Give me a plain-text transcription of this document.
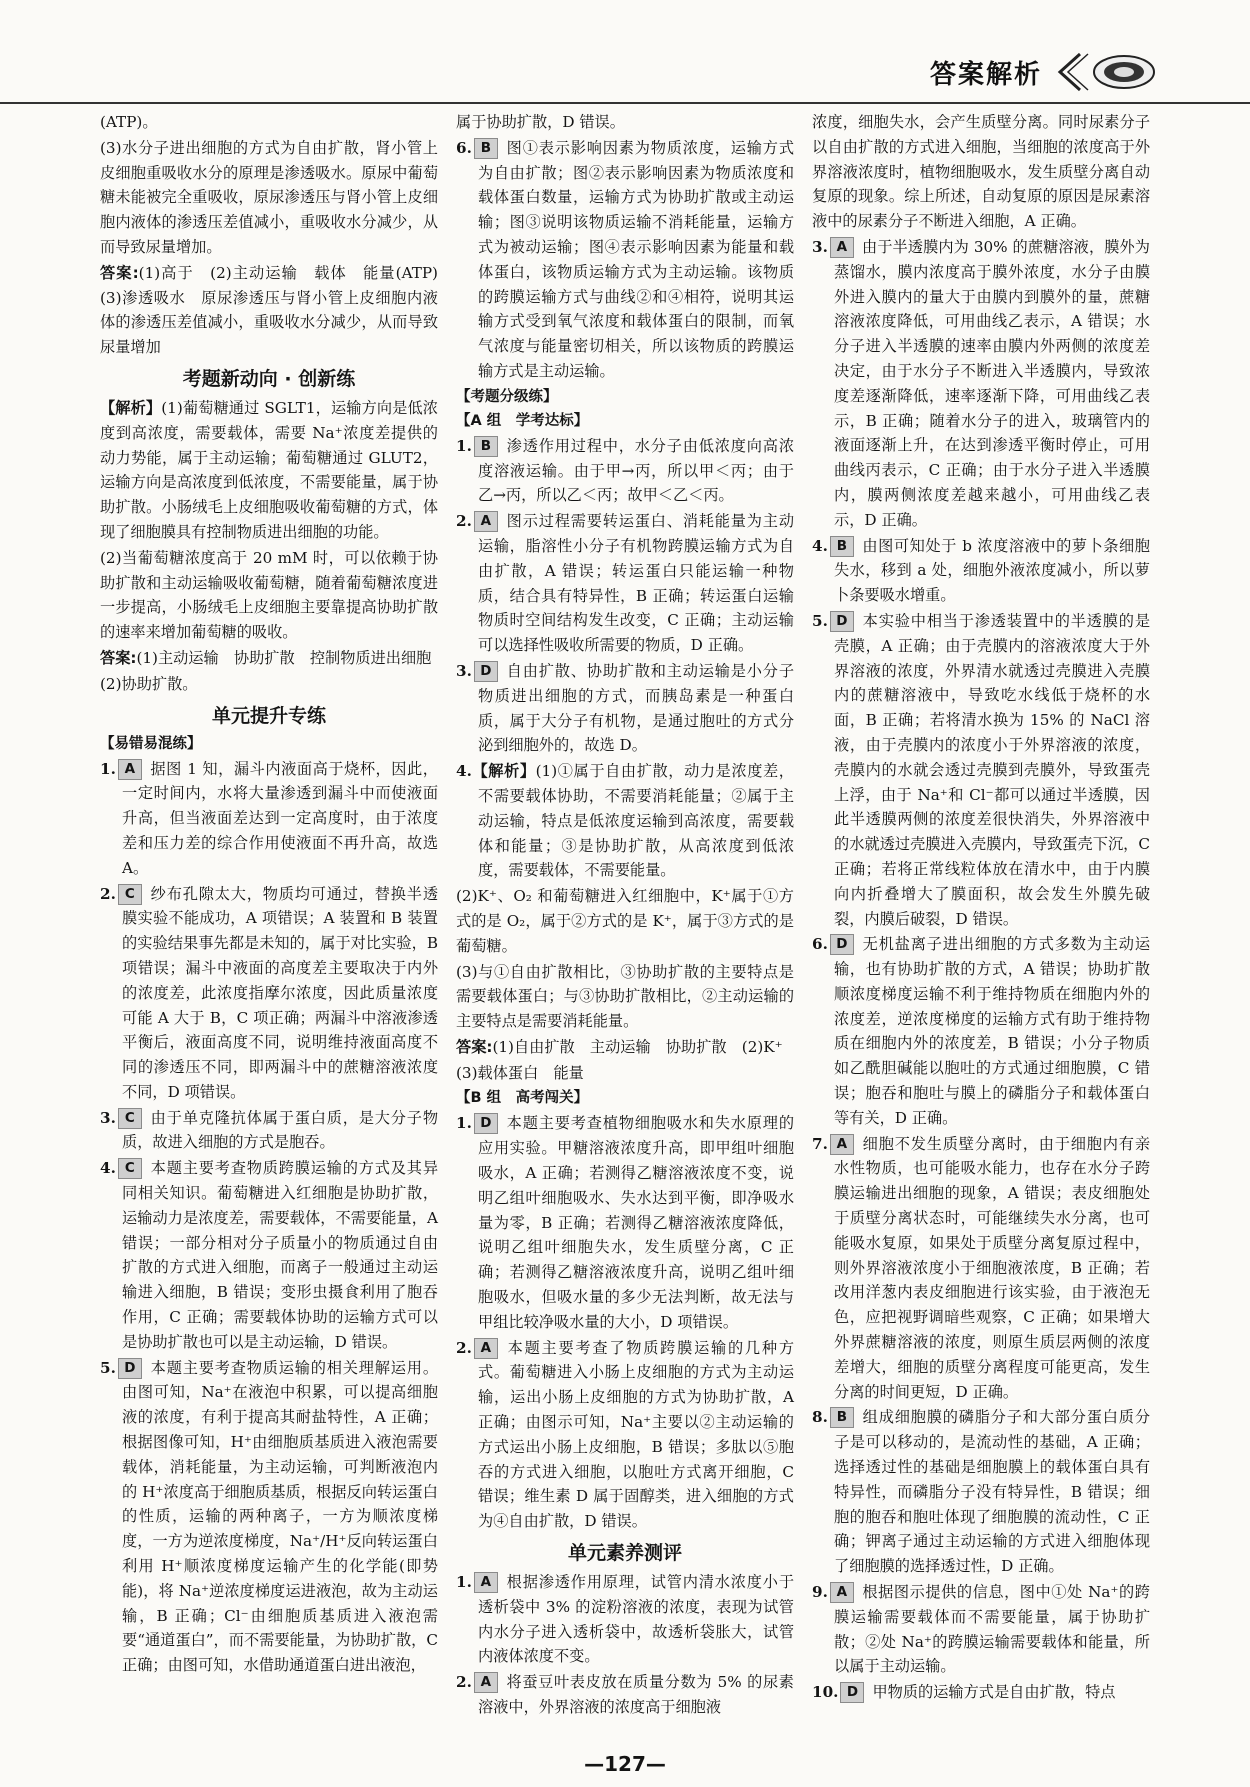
答案解析

(ATP)。

(3)水分子进出细胞的方式为自由扩散，肾小管上皮细胞重吸收水分的原理是渗透吸水。原尿中葡萄糖未能被完全重吸收，原尿渗透压与肾小管上皮细胞内液体的渗透压差值减小，重吸收水分减少，从而导致尿量增加。

答案:(1)高于　(2)主动运输　载体　能量(ATP)　(3)渗透吸水　原尿渗透压与肾小管上皮细胞内液体的渗透压差值减小，重吸收水分减少，从而导致尿量增加

考题新动向 · 创新练

【解析】(1)葡萄糖通过 SGLT1，运输方向是低浓度到高浓度，需要载体，需要 Na⁺浓度差提供的动力势能，属于主动运输；葡萄糖通过 GLUT2，运输方向是高浓度到低浓度，不需要能量，属于协助扩散。小肠绒毛上皮细胞吸收葡萄糖的方式，体现了细胞膜具有控制物质进出细胞的功能。

(2)当葡萄糖浓度高于 20 mM 时，可以依赖于协助扩散和主动运输吸收葡萄糖，随着葡萄糖浓度进一步提高，小肠绒毛上皮细胞主要靠提高协助扩散的速率来增加葡萄糖的吸收。

答案:(1)主动运输　协助扩散　控制物质进出细胞

(2)协助扩散。

单元提升专练
【易错易混练】

1. A 据图 1 知，漏斗内液面高于烧杯，因此，一定时间内，水将大量渗透到漏斗中而使液面升高，但当液面差达到一定高度时，由于浓度差和压力差的综合作用使液面不再升高，故选 A。

2. C 纱布孔隙太大，物质均可通过，替换半透膜实验不能成功，A 项错误；A 装置和 B 装置的实验结果事先都是未知的，属于对比实验，B 项错误；漏斗中液面的高度差主要取决于内外的浓度差，此浓度指摩尔浓度，因此质量浓度可能 A 大于 B，C 项正确；两漏斗中溶液渗透平衡后，液面高度不同，说明维持液面高度不同的渗透压不同，即两漏斗中的蔗糖溶液浓度不同，D 项错误。

3. C 由于单克隆抗体属于蛋白质，是大分子物质，故进入细胞的方式是胞吞。

4. C 本题主要考查物质跨膜运输的方式及其异同相关知识。葡萄糖进入红细胞是协助扩散，运输动力是浓度差，需要载体，不需要能量，A 错误；一部分相对分子质量小的物质通过自由扩散的方式进入细胞，而离子一般通过主动运输进入细胞，B 错误；变形虫摄食利用了胞吞作用，C 正确；需要载体协助的运输方式可以是协助扩散也可以是主动运输，D 错误。

5. D 本题主要考查物质运输的相关理解运用。由图可知，Na⁺在液泡中积累，可以提高细胞液的浓度，有利于提高其耐盐特性，A 正确；根据图像可知，H⁺由细胞质基质进入液泡需要载体，消耗能量，为主动运输，可判断液泡内的 H⁺浓度高于细胞质基质，根据反向转运蛋白的性质，运输的两种离子，一方为顺浓度梯度，一方为逆浓度梯度，Na⁺/H⁺反向转运蛋白利用 H⁺顺浓度梯度运输产生的化学能(即势能)，将 Na⁺逆浓度梯度运进液泡，故为主动运输，B 正确；Cl⁻由细胞质基质进入液泡需要“通道蛋白”，而不需要能量，为协助扩散，C 正确；由图可知，水借助通道蛋白进出液泡，

属于协助扩散，D 错误。

6. B 图①表示影响因素为物质浓度，运输方式为自由扩散；图②表示影响因素为物质浓度和载体蛋白数量，运输方式为协助扩散或主动运输；图③说明该物质运输不消耗能量，运输方式为被动运输；图④表示影响因素为能量和载体蛋白，该物质运输方式为主动运输。该物质的跨膜运输方式与曲线②和④相符，说明其运输方式受到氧气浓度和载体蛋白的限制，而氧气浓度与能量密切相关，所以该物质的跨膜运输方式是主动运输。

【考题分级练】
【A 组　学考达标】

1. B 渗透作用过程中，水分子由低浓度向高浓度溶液运输。由于甲→丙，所以甲＜丙；由于乙→丙，所以乙＜丙；故甲＜乙＜丙。

2. A 图示过程需要转运蛋白、消耗能量为主动运输，脂溶性小分子有机物跨膜运输方式为自由扩散，A 错误；转运蛋白只能运输一种物质，结合具有特异性，B 正确；转运蛋白运输物质时空间结构发生改变，C 正确；主动运输可以选择性吸收所需要的物质，D 正确。

3. D 自由扩散、协助扩散和主动运输是小分子物质进出细胞的方式，而胰岛素是一种蛋白质，属于大分子有机物，是通过胞吐的方式分泌到细胞外的，故选 D。

4.【解析】(1)①属于自由扩散，动力是浓度差，不需要载体协助，不需要消耗能量；②属于主动运输，特点是低浓度运输到高浓度，需要载体和能量；③是协助扩散，从高浓度到低浓度，需要载体，不需要能量。

(2)K⁺、O₂ 和葡萄糖进入红细胞中，K⁺属于①方式的是 O₂，属于②方式的是 K⁺，属于③方式的是葡萄糖。

(3)与①自由扩散相比，③协助扩散的主要特点是需要载体蛋白；与③协助扩散相比，②主动运输的主要特点是需要消耗能量。

答案:(1)自由扩散　主动运输　协助扩散　(2)K⁺

(3)载体蛋白　能量

【B 组　高考闯关】

1. D 本题主要考查植物细胞吸水和失水原理的应用实验。甲糖溶液浓度升高，即甲组叶细胞吸水，A 正确；若测得乙糖溶液浓度不变，说明乙组叶细胞吸水、失水达到平衡，即净吸水量为零，B 正确；若测得乙糖溶液浓度降低，说明乙组叶细胞失水，发生质壁分离，C 正确；若测得乙糖溶液浓度升高，说明乙组叶细胞吸水，但吸水量的多少无法判断，故无法与甲组比较净吸水量的大小，D 项错误。

2. A 本题主要考查了物质跨膜运输的几种方式。葡萄糖进入小肠上皮细胞的方式为主动运输，运出小肠上皮细胞的方式为协助扩散，A 正确；由图示可知，Na⁺主要以②主动运输的方式运出小肠上皮细胞，B 错误；多肽以⑤胞吞的方式进入细胞，以胞吐方式离开细胞，C 错误；维生素 D 属于固醇类，进入细胞的方式为④自由扩散，D 错误。

单元素养测评

1. A 根据渗透作用原理，试管内清水浓度小于透析袋中 3% 的淀粉溶液的浓度，表现为试管内水分子进入透析袋中，故透析袋胀大，试管内液体浓度不变。

2. A 将蚕豆叶表皮放在质量分数为 5% 的尿素溶液中，外界溶液的浓度高于细胞液

浓度，细胞失水，会产生质壁分离。同时尿素分子以自由扩散的方式进入细胞，当细胞的浓度高于外界溶液浓度时，植物细胞吸水，发生质壁分离自动复原的现象。综上所述，自动复原的原因是尿素溶液中的尿素分子不断进入细胞，A 正确。

3. A 由于半透膜内为 30% 的蔗糖溶液，膜外为蒸馏水，膜内浓度高于膜外浓度，水分子由膜外进入膜内的量大于由膜内到膜外的量，蔗糖溶液浓度降低，可用曲线乙表示，A 错误；水分子进入半透膜的速率由膜内外两侧的浓度差决定，由于水分子不断进入半透膜内，导致浓度差逐渐降低，速率逐渐下降，可用曲线乙表示，B 正确；随着水分子的进入，玻璃管内的液面逐渐上升，在达到渗透平衡时停止，可用曲线丙表示，C 正确；由于水分子进入半透膜内，膜两侧浓度差越来越小，可用曲线乙表示，D 正确。

4. B 由图可知处于 b 浓度溶液中的萝卜条细胞失水，移到 a 处，细胞外液浓度减小，所以萝卜条要吸水增重。

5. D 本实验中相当于渗透装置中的半透膜的是壳膜，A 正确；由于壳膜内的溶液浓度大于外界溶液的浓度，外界清水就透过壳膜进入壳膜内的蔗糖溶液中，导致吃水线低于烧杯的水面，B 正确；若将清水换为 15% 的 NaCl 溶液，由于壳膜内的浓度小于外界溶液的浓度，壳膜内的水就会透过壳膜到壳膜外，导致蛋壳上浮，由于 Na⁺和 Cl⁻都可以通过半透膜，因此半透膜两侧的浓度差很快消失，外界溶液中的水就透过壳膜进入壳膜内，导致蛋壳下沉，C 正确；若将正常线粒体放在清水中，由于内膜向内折叠增大了膜面积，故会发生外膜先破裂，内膜后破裂，D 错误。

6. D 无机盐离子进出细胞的方式多数为主动运输，也有协助扩散的方式，A 错误；协助扩散顺浓度梯度运输不利于维持物质在细胞内外的浓度差，逆浓度梯度的运输方式有助于维持物质在细胞内外的浓度差，B 错误；小分子物质如乙酰胆碱能以胞吐的方式通过细胞膜，C 错误；胞吞和胞吐与膜上的磷脂分子和载体蛋白等有关，D 正确。

7. A 细胞不发生质壁分离时，由于细胞内有亲水性物质，也可能吸水能力，也存在水分子跨膜运输进出细胞的现象，A 错误；表皮细胞处于质壁分离状态时，可能继续失水分离，也可能吸水复原，如果处于质壁分离复原过程中，则外界溶液浓度小于细胞液浓度，B 正确；若改用洋葱内表皮细胞进行该实验，由于液泡无色，应把视野调暗些观察，C 正确；如果增大外界蔗糖溶液的浓度，则原生质层两侧的浓度差增大，细胞的质壁分离程度可能更高，发生分离的时间更短，D 正确。

8. B 组成细胞膜的磷脂分子和大部分蛋白质分子是可以移动的，是流动性的基础，A 正确；选择透过性的基础是细胞膜上的载体蛋白具有特异性，而磷脂分子没有特异性，B 错误；细胞的胞吞和胞吐体现了细胞膜的流动性，C 正确；钾离子通过主动运输的方式进入细胞体现了细胞膜的选择透过性，D 正确。

9. A 根据图示提供的信息，图中①处 Na⁺的跨膜运输需要载体而不需要能量，属于协助扩散；②处 Na⁺的跨膜运输需要载体和能量，所以属于主动运输。

10. D 甲物质的运输方式是自由扩散，特点

—127—
